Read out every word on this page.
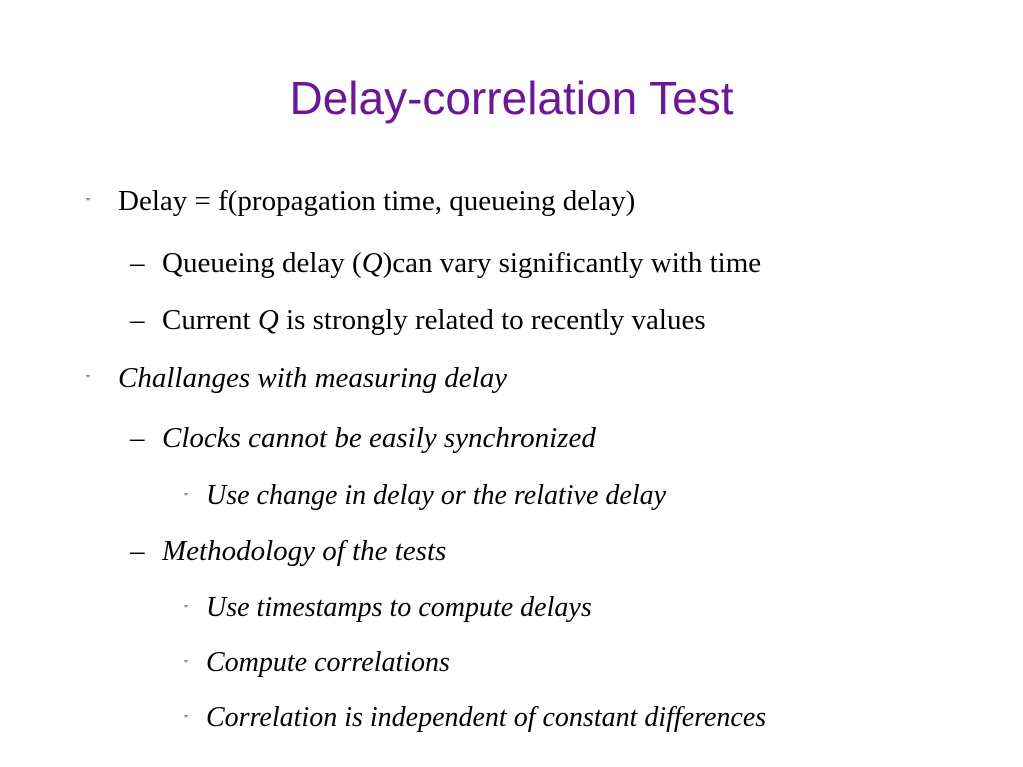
Delay-correlation Test
" Delay = f(propagation time, queueing delay)
– Queueing delay (Q)can vary significantly with time
– Current Q is strongly related to recently values
" Challanges with measuring delay
– Clocks cannot be easily synchronized
" Use change in delay or the relative delay
– Methodology of the tests
" Use timestamps to compute delays
" Compute correlations
" Correlation is independent of constant differences
